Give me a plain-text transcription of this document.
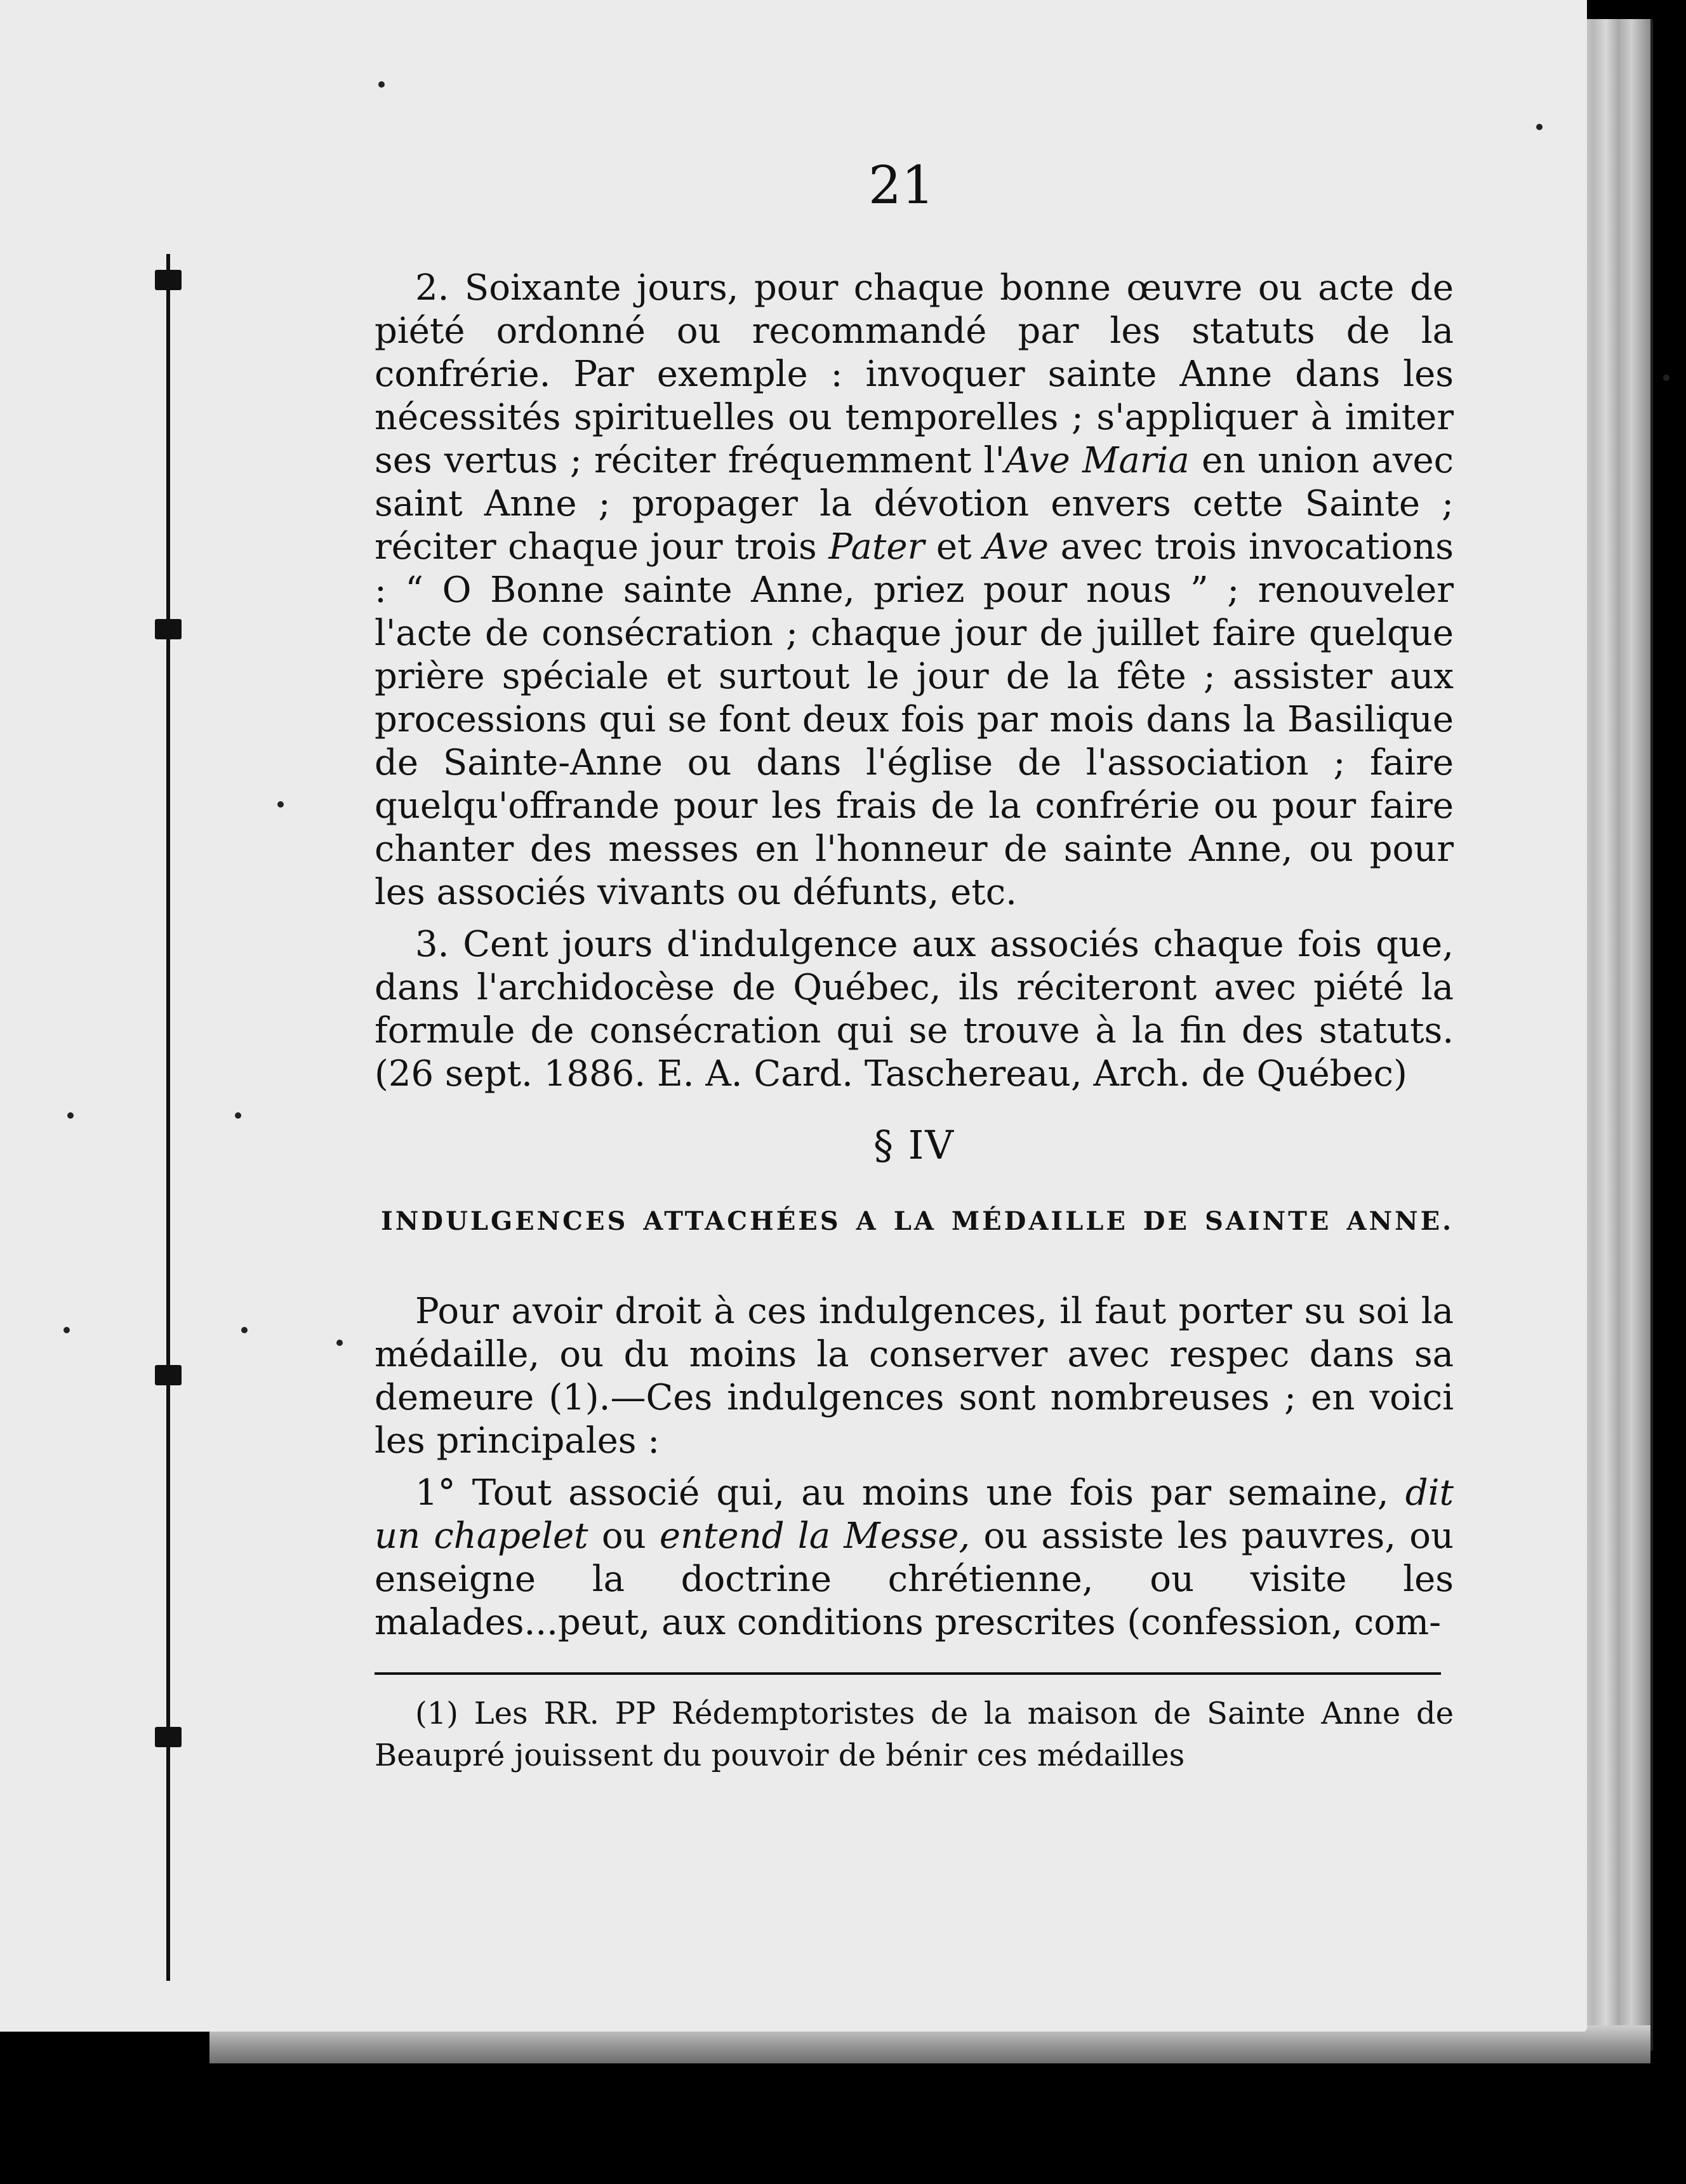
21

2. Soixante jours, pour chaque bonne œuvre ou acte de piété ordonné ou recommandé par les statuts de la confrérie. Par exemple : invoquer sainte Anne dans les nécessités spirituelles ou temporelles ; s'appliquer à imiter ses vertus ; réciter fréquemment l'Ave Maria en union avec saint Anne ; propager la dévotion envers cette Sainte ; réciter chaque jour trois Pater et Ave avec trois invocations : “ O Bonne sainte Anne, priez pour nous ” ; renouveler l'acte de consécration ; chaque jour de juillet faire quelque prière spéciale et surtout le jour de la fête ; assister aux processions qui se font deux fois par mois dans la Basilique de Sainte-Anne ou dans l'église de l'association ; faire quelqu'offrande pour les frais de la confrérie ou pour faire chanter des messes en l'honneur de sainte Anne, ou pour les associés vivants ou défunts, etc.

3. Cent jours d'indulgence aux associés chaque fois que, dans l'archidocèse de Québec, ils réciteront avec piété la formule de consécration qui se trouve à la fin des statuts. (26 sept. 1886. E. A. Card. Taschereau, Arch. de Québec)

§ IV
INDULGENCES ATTACHÉES A LA MÉDAILLE DE SAINTE ANNE.

Pour avoir droit à ces indulgences, il faut porter su soi la médaille, ou du moins la conserver avec respec dans sa demeure (1).—Ces indulgences sont nombreuses ; en voici les principales :

1° Tout associé qui, au moins une fois par semaine, dit un chapelet ou entend la Messe, ou assiste les pauvres, ou enseigne la doctrine chrétienne, ou visite les malades...peut, aux conditions prescrites (confession, com-

(1) Les RR. PP Rédemptoristes de la maison de Sainte Anne de Beaupré jouissent du pouvoir de bénir ces médailles
